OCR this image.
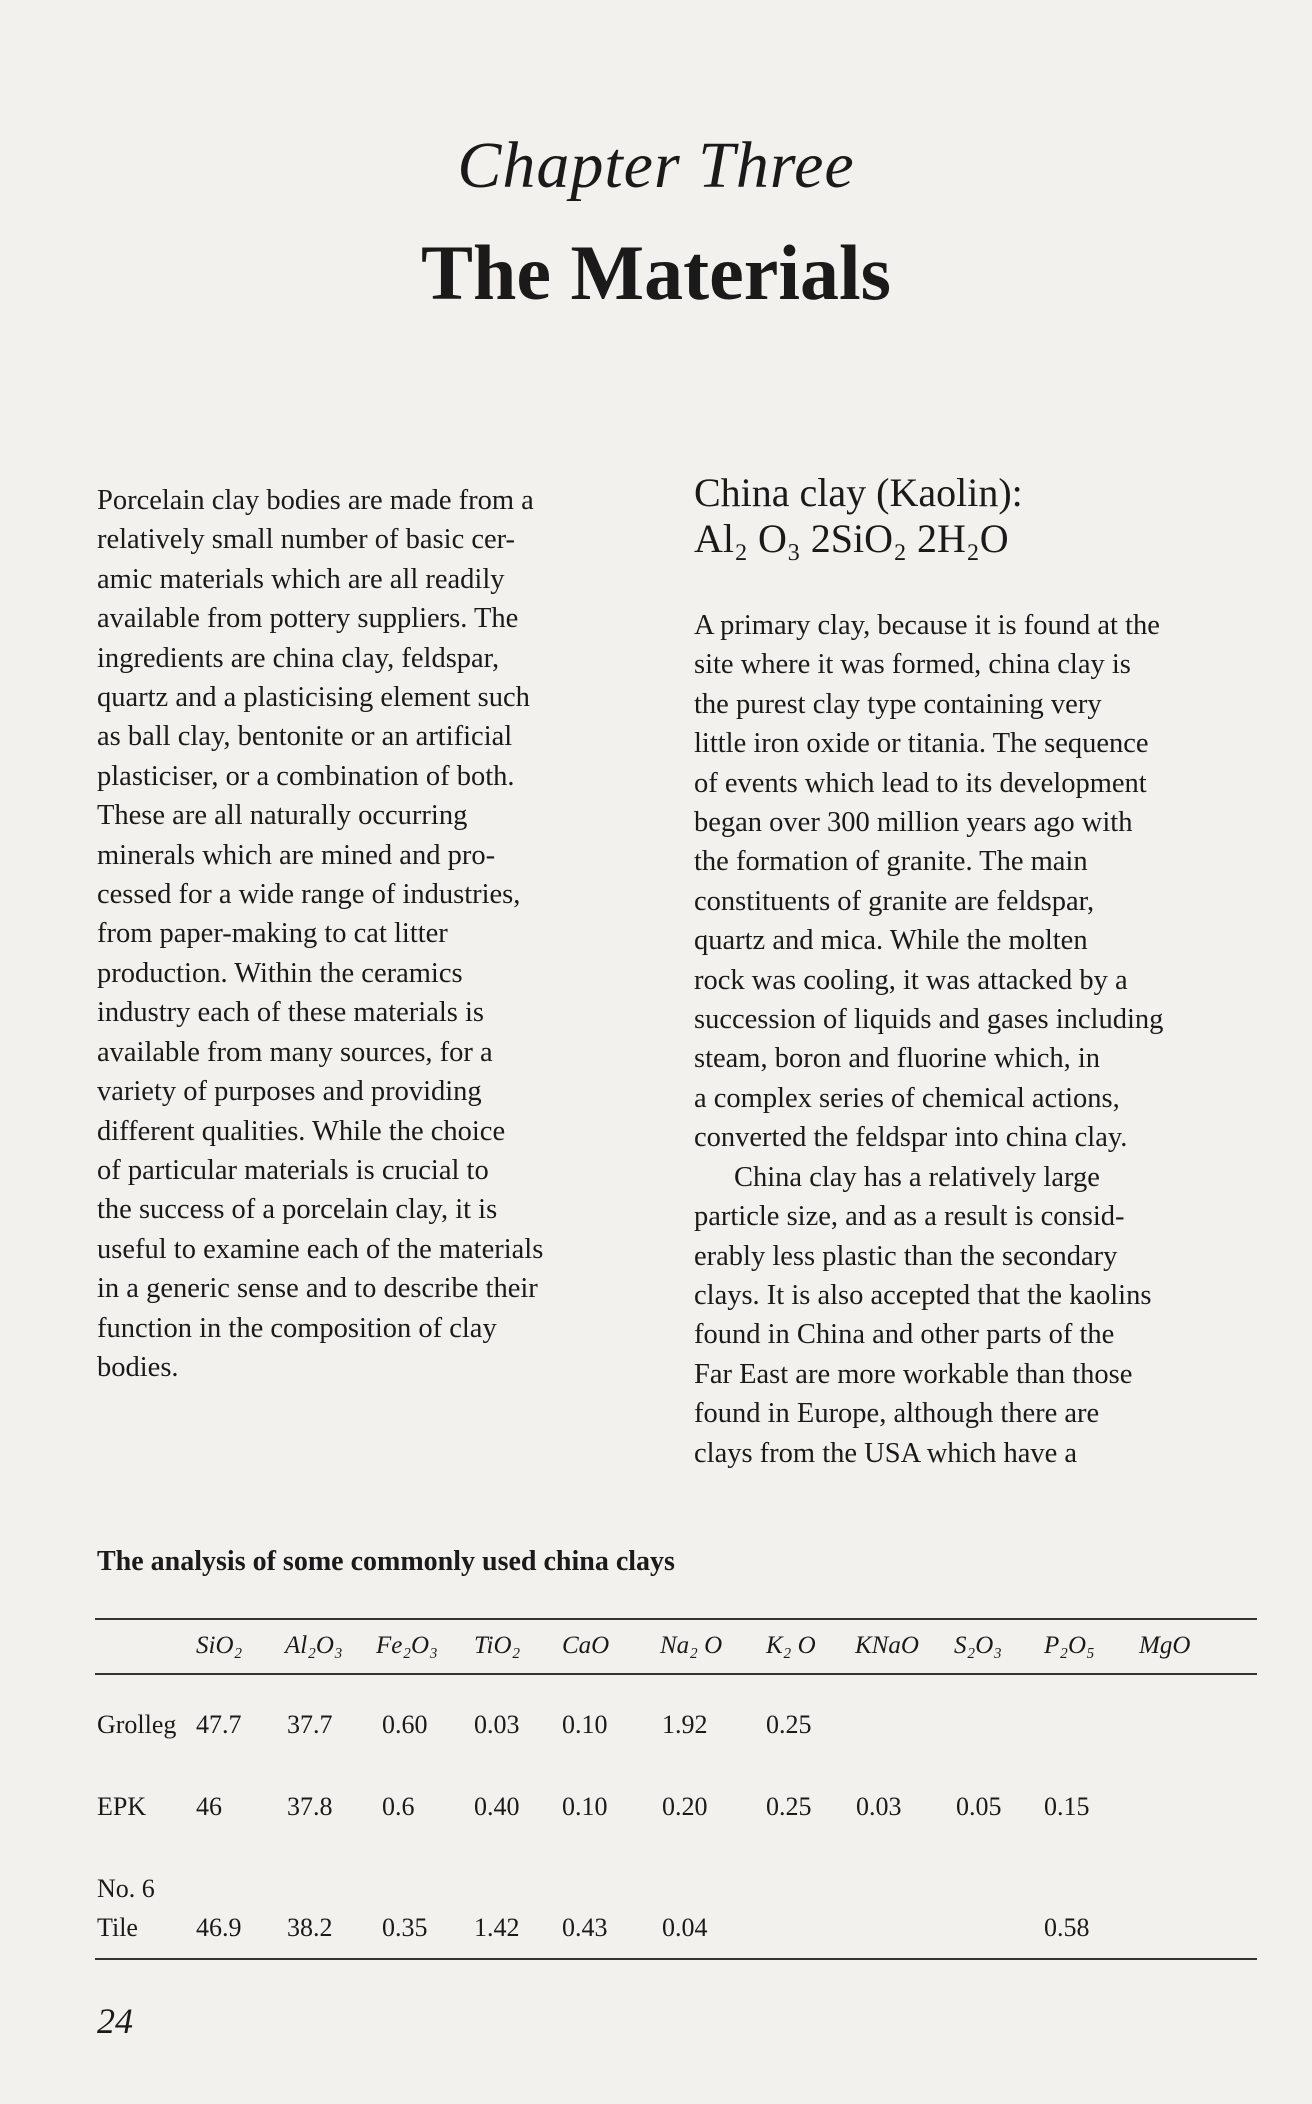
Chapter Three
The Materials
Porcelain clay bodies are made from a
relatively small number of basic cer-
amic materials which are all readily
available from pottery suppliers. The
ingredients are china clay, feldspar,
quartz and a plasticising element such
as ball clay, bentonite or an artificial
plasticiser, or a combination of both.
These are all naturally occurring
minerals which are mined and pro-
cessed for a wide range of industries,
from paper-making to cat litter
production. Within the ceramics
industry each of these materials is
available from many sources, for a
variety of purposes and providing
different qualities. While the choice
of particular materials is crucial to
the success of a porcelain clay, it is
useful to examine each of the materials
in a generic sense and to describe their
function in the composition of clay
bodies.
China clay (Kaolin):
Al₂ O₃ 2SiO₂ 2H₂O
A primary clay, because it is found at the
site where it was formed, china clay is
the purest clay type containing very
little iron oxide or titania. The sequence
of events which lead to its development
began over 300 million years ago with
the formation of granite. The main
constituents of granite are feldspar,
quartz and mica. While the molten
rock was cooling, it was attacked by a
succession of liquids and gases including
steam, boron and fluorine which, in
a complex series of chemical actions,
converted the feldspar into china clay.
China clay has a relatively large
particle size, and as a result is consid-
erably less plastic than the secondary
clays. It is also accepted that the kaolins
found in China and other parts of the
Far East are more workable than those
found in Europe, although there are
clays from the USA which have a
The analysis of some commonly used china clays
SiO₂ Al₂O₃ Fe₂O₃ TiO₂ CaO Na₂ O K₂ O KNaO S₂O₃ P₂O₅ MgO
Grolleg 47.7 37.7 0.60 0.03 0.10 1.92 0.25
EPK 46	37.8 0.6 0.40 0.10 0.20 0.25 0.03 0.05 0.15
No. 6
Tile 46.9 38.2 0.35 1.42 0.43 0.04	0.58
24
